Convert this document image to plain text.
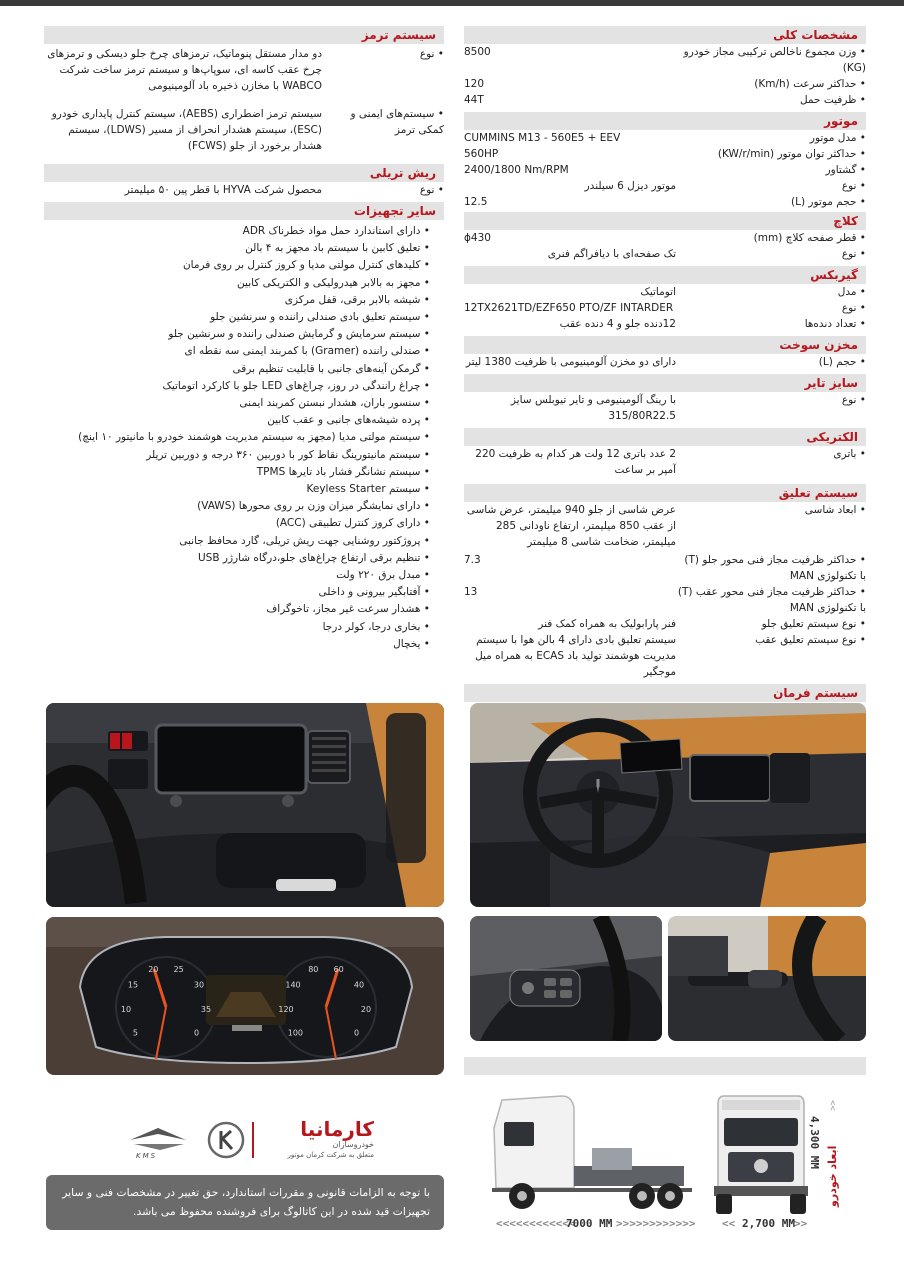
مشخصات کلی
• وزن مجموع ناخالص ترکیبی مجاز خودرو (KG)
8500
• حداکثر سرعت (Km/h)
120
• ظرفیت حمل
44T
موتور
• مدل موتور
CUMMINS M13 - 560E5 + EEV
• حداکثر توان موتور (KW/r/min)
560HP
• گشتاور
2400/1800 Nm/RPM
• نوع
موتور دیزل 6 سیلندر
• حجم موتور (L)
12.5
کلاچ
• قطر صفحه کلاچ (mm)
ɸ430
• نوع
تک صفحه‌ای با دیافراگم فنری
گیربکس
• مدل
اتوماتیک
• نوع
12TX2621TD/EZF650 PTO/ZF INTARDER
• تعداد دنده‌ها
12دنده جلو و 4 دنده عقب
مخزن سوخت
• حجم (L)
دارای دو مخزن آلومینیومی با ظرفیت 1380 لیتر
سایز تایر
• نوع
با رینگ آلومینیومی و تایر تیوبلس سایز 315/80R22.5
الکتریکی
• باتری
2 عدد باتری 12 ولت هر کدام به ظرفیت 220 آمپر بر ساعت
سیستم تعلیق
• ابعاد شاسی
عرض شاسی از جلو 940 میلیمتر، عرض شاسی از عقب 850 میلیمتر، ارتفاع ناودانی 285 میلیمتر، ضخامت شاسی 8 میلیمتر
• حداکثر ظرفیت مجاز فنی محور جلو (T) با تکنولوژی MAN
7.3
• حداکثر ظرفیت مجاز فنی محور عقب (T) با تکنولوژی MAN
13
• نوع سیستم تعلیق جلو
فنر پارابولیک به همراه کمک فنر
• نوع سیستم تعلیق عقب
سیستم تعلیق بادی دارای 4 بالن هوا با سیستم مدیریت هوشمند تولید باد ECAS به همراه میل موجگیر
سیستم فرمان
•
سیستم ترمز
• نوع
دو مدار مستقل پنوماتیک، ترمزهای چرخ جلو دیسکی و ترمزهای چرخ عقب کاسه ای، سوپاپ‌ها و سیستم ترمز ساخت شرکت WABCO با مخازن ذخیره باد آلومینیومی
• سیستم‌های ایمنی و کمکی ترمز
سیستم ترمز اضطراری (AEBS)، سیستم کنترل پایداری خودرو (ESC)، سیستم هشدار انحراف از مسیر (LDWS)، سیستم هشدار برخورد از جلو (FCWS)
ریش تریلی
• نوع
محصول شرکت HYVA با قطر پین ۵۰ میلیمتر
سایر تجهیزات
• دارای استاندارد حمل مواد خطرناک ADR
• تعلیق کابین با سیستم باد مجهز به ۴ بالن
• کلیدهای کنترل مولتی مدیا و کروز کنترل بر روی فرمان
• مجهز به بالابر هیدرولیکی و الکتریکی کابین
• شیشه بالابر برقی، قفل مرکزی
• سیستم تعلیق بادی صندلی راننده و سرنشین جلو
• سیستم سرمایش و گرمایش صندلی راننده و سرنشین جلو
• صندلی راننده (Gramer) با کمربند ایمنی سه نقطه ای
• گرمکن آینه‌های جانبی با قابلیت تنظیم برقی
• چراغ رانندگی در روز، چراغ‌های LED جلو با کارکرد اتوماتیک
• سنسور باران، هشدار نبستن کمربند ایمنی
• پرده شیشه‌های جانبی و عقب کابین
• سیستم مولتی مدیا (مجهز به سیستم مدیریت هوشمند خودرو با مانیتور ۱۰ اینچ)
• سیستم مانیتورینگ نقاط کور با دوربین ۳۶۰ درجه و دوربین تریلر
• سیستم نشانگر فشار باد تایرها TPMS
• سیستم Keyless Starter
• دارای نمایشگر میزان وزن بر روی محورها (VAWS)
• دارای کروز کنترل تطبیقی (ACC)
• پروژکتور روشنایی جهت ریش تریلی، گارد محافظ جانبی
• تنظیم برقی ارتفاع چراغ‌های جلو،درگاه شارژر USB
• مبدل برق ۲۲۰ ولت
• آفتابگیر بیرونی و داخلی
• هشدار سرعت غیر مجاز، تاخوگراف
• بخاری درجا، کولر درجا
• یخچال
5
10
15
20 25
30
35
0	100
120
140
80 60
40
20
0
<<<<<<<<<<<<
7000 MM >>>>>>>>>>>> << 2,700 MM >>
4,300 MM
<<
ابعاد خودرو
KMS
کارمانیا
خودروسازان
متعلق به شرکت کرمان موتور
با توجه به الزامات قانونی و مقررات استاندارد، حق تغییر در مشخصات فنی و سایر تجهیزات قید شده در این کاتالوگ برای فروشنده محفوظ می باشد.
